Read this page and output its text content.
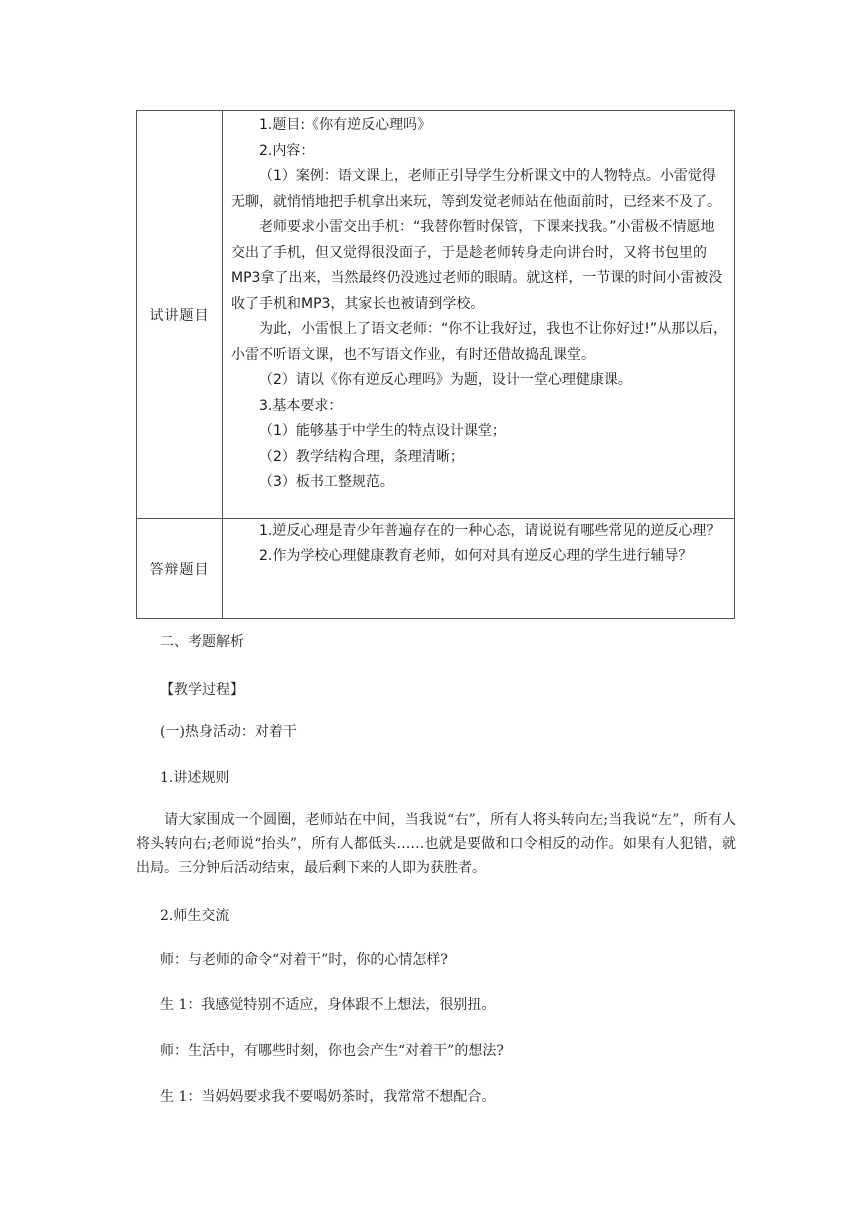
试讲题目

1.题目:《你有逆反心理吗》

2.内容：

（1）案例：语文课上，老师正引导学生分析课文中的人物特点。小雷觉得无聊，就悄悄地把手机拿出来玩，等到发觉老师站在他面前时，已经来不及了。

老师要求小雷交出手机：“我替你暂时保管，下课来找我。”小雷极不情愿地交出了手机，但又觉得很没面子，于是趁老师转身走向讲台时，又将书包里的MP3拿了出来，当然最终仍没逃过老师的眼睛。就这样，一节课的时间小雷被没收了手机和MP3，其家长也被请到学校。

为此，小雷恨上了语文老师：“你不让我好过，我也不让你好过!”从那以后，小雷不听语文课，也不写语文作业，有时还借故捣乱课堂。

（2）请以《你有逆反心理吗》为题，设计一堂心理健康课。

3.基本要求：

（1）能够基于中学生的特点设计课堂；

（2）教学结构合理，条理清晰；

（3）板书工整规范。

答辩题目

1.逆反心理是青少年普遍存在的一种心态，请说说有哪些常见的逆反心理？

2.作为学校心理健康教育老师，如何对具有逆反心理的学生进行辅导？

二、考题解析
【教学过程】
(一)热身活动：对着干
1.讲述规则
请大家围成一个圆圈，老师站在中间，当我说“右”，所有人将头转向左;当我说“左”，所有人将头转向右;老师说“抬头”，所有人都低头……也就是要做和口令相反的动作。如果有人犯错，就出局。三分钟后活动结束，最后剩下来的人即为获胜者。
2.师生交流
师：与老师的命令“对着干”时，你的心情怎样?
生 1：我感觉特别不适应，身体跟不上想法，很别扭。
师：生活中，有哪些时刻，你也会产生“对着干”的想法?
生 1：当妈妈要求我不要喝奶茶时，我常常不想配合。
